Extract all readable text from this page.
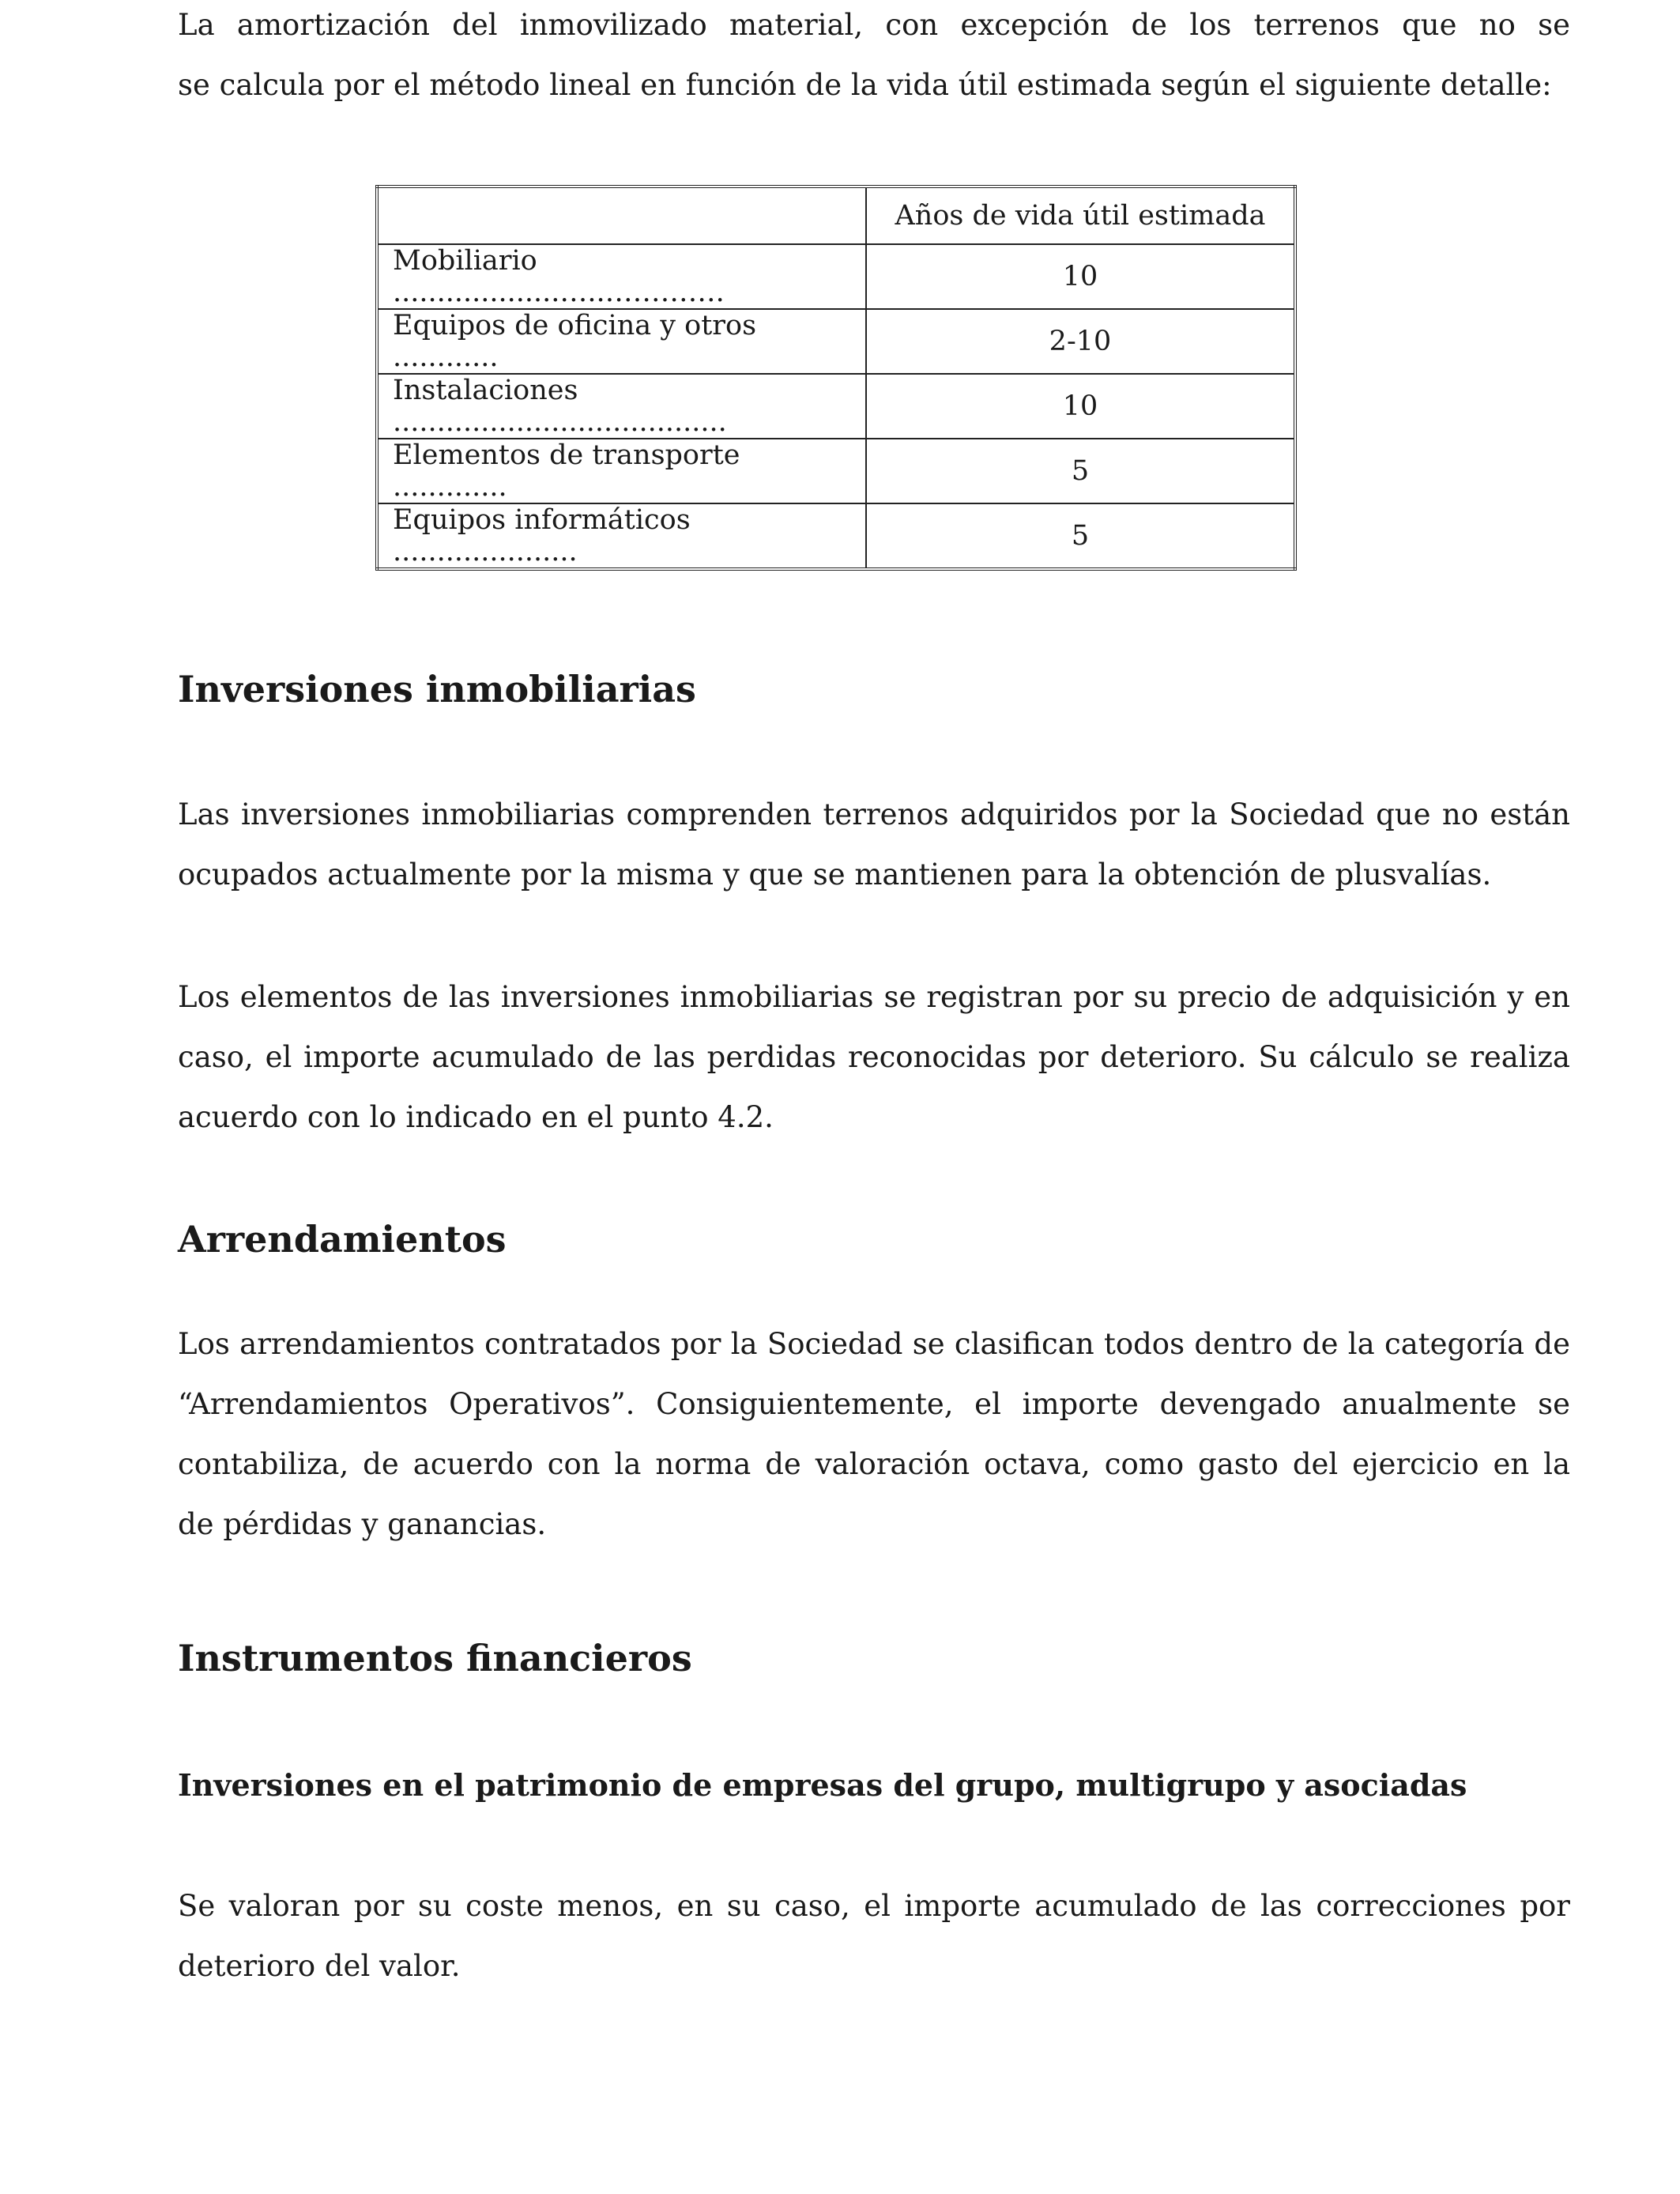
La amortización del inmovilizado material, con excepción de los terrenos que no se
se calcula por el método lineal en función de la vida útil estimada según el siguiente detalle:
	Años de vida útil estimada
Mobiliario ...................…..………….	10
Equipos de oficina y otros ............	2-10
Instalaciones ......................................	10
Elementos de transporte .............	5
Equipos informáticos .....................	5
Inversiones inmobiliarias
Las inversiones inmobiliarias comprenden terrenos adquiridos por la Sociedad que no están
ocupados actualmente por la misma y que se mantienen para la obtención de plusvalías.
Los elementos de las inversiones inmobiliarias se registran por su precio de adquisición y en
caso, el importe acumulado de las perdidas reconocidas por deterioro. Su cálculo se realiza
acuerdo con lo indicado en el punto 4.2.
Arrendamientos
Los arrendamientos contratados por la Sociedad se clasifican todos dentro de la categoría de
“Arrendamientos Operativos”. Consiguientemente, el importe devengado anualmente se
contabiliza, de acuerdo con la norma de valoración octava, como gasto del ejercicio en la
de pérdidas y ganancias.
Instrumentos financieros
Inversiones en el patrimonio de empresas del grupo, multigrupo y asociadas
Se valoran por su coste menos, en su caso, el importe acumulado de las correcciones por
deterioro del valor.
